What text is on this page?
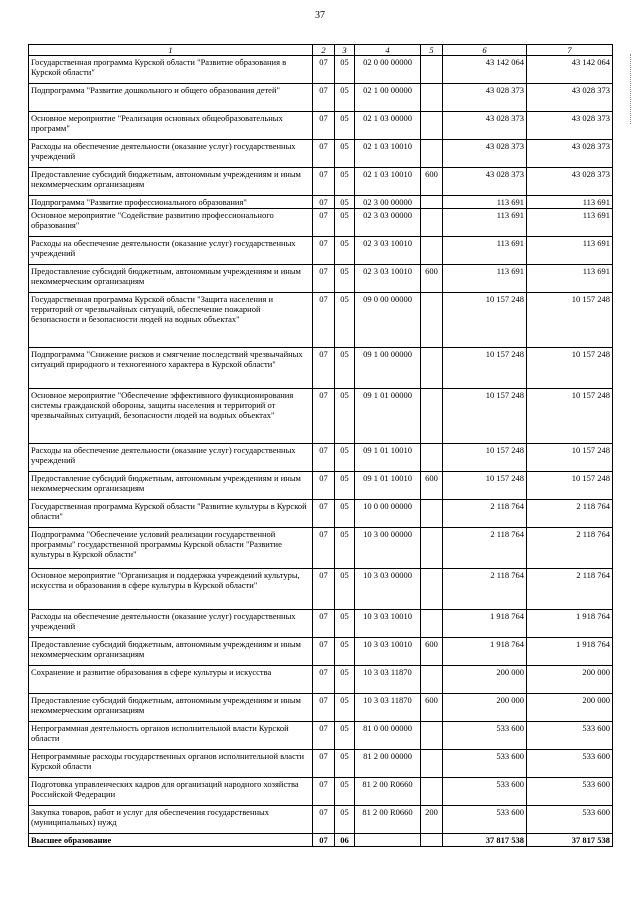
37
1	2	3	4	5	6	7
Государственная программа Курской области "Развитие образования в Курской области"	07	05	02 0 00 00000		43 142 064	43 142 064
Подпрограмма "Развитие дошкольного и общего образования детей"	07	05	02 1 00 00000		43 028 373	43 028 373
Основное мероприятие "Реализация основных общеобразовательных программ"	07	05	02 1 03 00000		43 028 373	43 028 373
Расходы на обеспечение деятельности (оказание услуг) государственных учреждений	07	05	02 1 03 10010		43 028 373	43 028 373
Предоставление субсидий бюджетным, автономным учреждениям и иным некоммерческим организациям	07	05	02 1 03 10010	600	43 028 373	43 028 373
Подпрограмма "Развитие профессионального образования"	07	05	02 3 00 00000		113 691	113 691
Основное мероприятие "Содействие развитию профессионального образования"	07	05	02 3 03 00000		113 691	113 691
Расходы на обеспечение деятельности (оказание услуг) государственных учреждений	07	05	02 3 03 10010		113 691	113 691
Предоставление субсидий бюджетным, автономным учреждениям и иным некоммерческим организациям	07	05	02 3 03 10010	600	113 691	113 691
Государственная программа Курской области "Защита населения и территорий от чрезвычайных ситуаций, обеспечение пожарной безопасности и безопасности людей на водных объектах"	07	05	09 0 00 00000		10 157 248	10 157 248
Подпрограмма "Снижение рисков и смягчение последствий чрезвычайных ситуаций природного и техногенного характера в Курской области"	07	05	09 1 00 00000		10 157 248	10 157 248
Основное мероприятие "Обеспечение эффективного функционирования системы гражданской обороны, защиты населения и территорий от чрезвычайных ситуаций, безопасности людей на водных объектах"	07	05	09 1 01 00000		10 157 248	10 157 248
Расходы на обеспечение деятельности (оказание услуг) государственных учреждений	07	05	09 1 01 10010		10 157 248	10 157 248
Предоставление субсидий бюджетным, автономным учреждениям и иным некоммерческим организациям	07	05	09 1 01 10010	600	10 157 248	10 157 248
Государственная программа Курской области "Развитие культуры в Курской области"	07	05	10 0 00 00000		2 118 764	2 118 764
Подпрограмма "Обеспечение условий реализации государственной программы" государственной программы Курской области "Развитие культуры в Курской области"	07	05	10 3 00 00000		2 118 764	2 118 764
Основное мероприятие "Организация и поддержка учреждений культуры, искусства и образования в сфере культуры в Курской области"	07	05	10 3 03 00000		2 118 764	2 118 764
Расходы на обеспечение деятельности (оказание услуг) государственных учреждений	07	05	10 3 03 10010		1 918 764	1 918 764
Предоставление субсидий бюджетным, автономным учреждениям и иным некоммерческим организациям	07	05	10 3 03 10010	600	1 918 764	1 918 764
Сохранение и развитие образования в сфере культуры и искусства	07	05	10 3 03 11870		200 000	200 000
Предоставление субсидий бюджетным, автономным учреждениям и иным некоммерческим организациям	07	05	10 3 03 11870	600	200 000	200 000
Непрограммная деятельность органов исполнительной власти Курской области	07	05	81 0 00 00000		533 600	533 600
Непрограммные расходы государственных органов исполнительной власти Курской области	07	05	81 2 00 00000		533 600	533 600
Подготовка управленческих кадров для организаций народного хозяйства Российской Федерации	07	05	81 2 00 R0660		533 600	533 600
Закупка товаров, работ и услуг для обеспечения государственных (муниципальных) нужд	07	05	81 2 00 R0660	200	533 600	533 600
Высшее образование	07	06			37 817 538	37 817 538
